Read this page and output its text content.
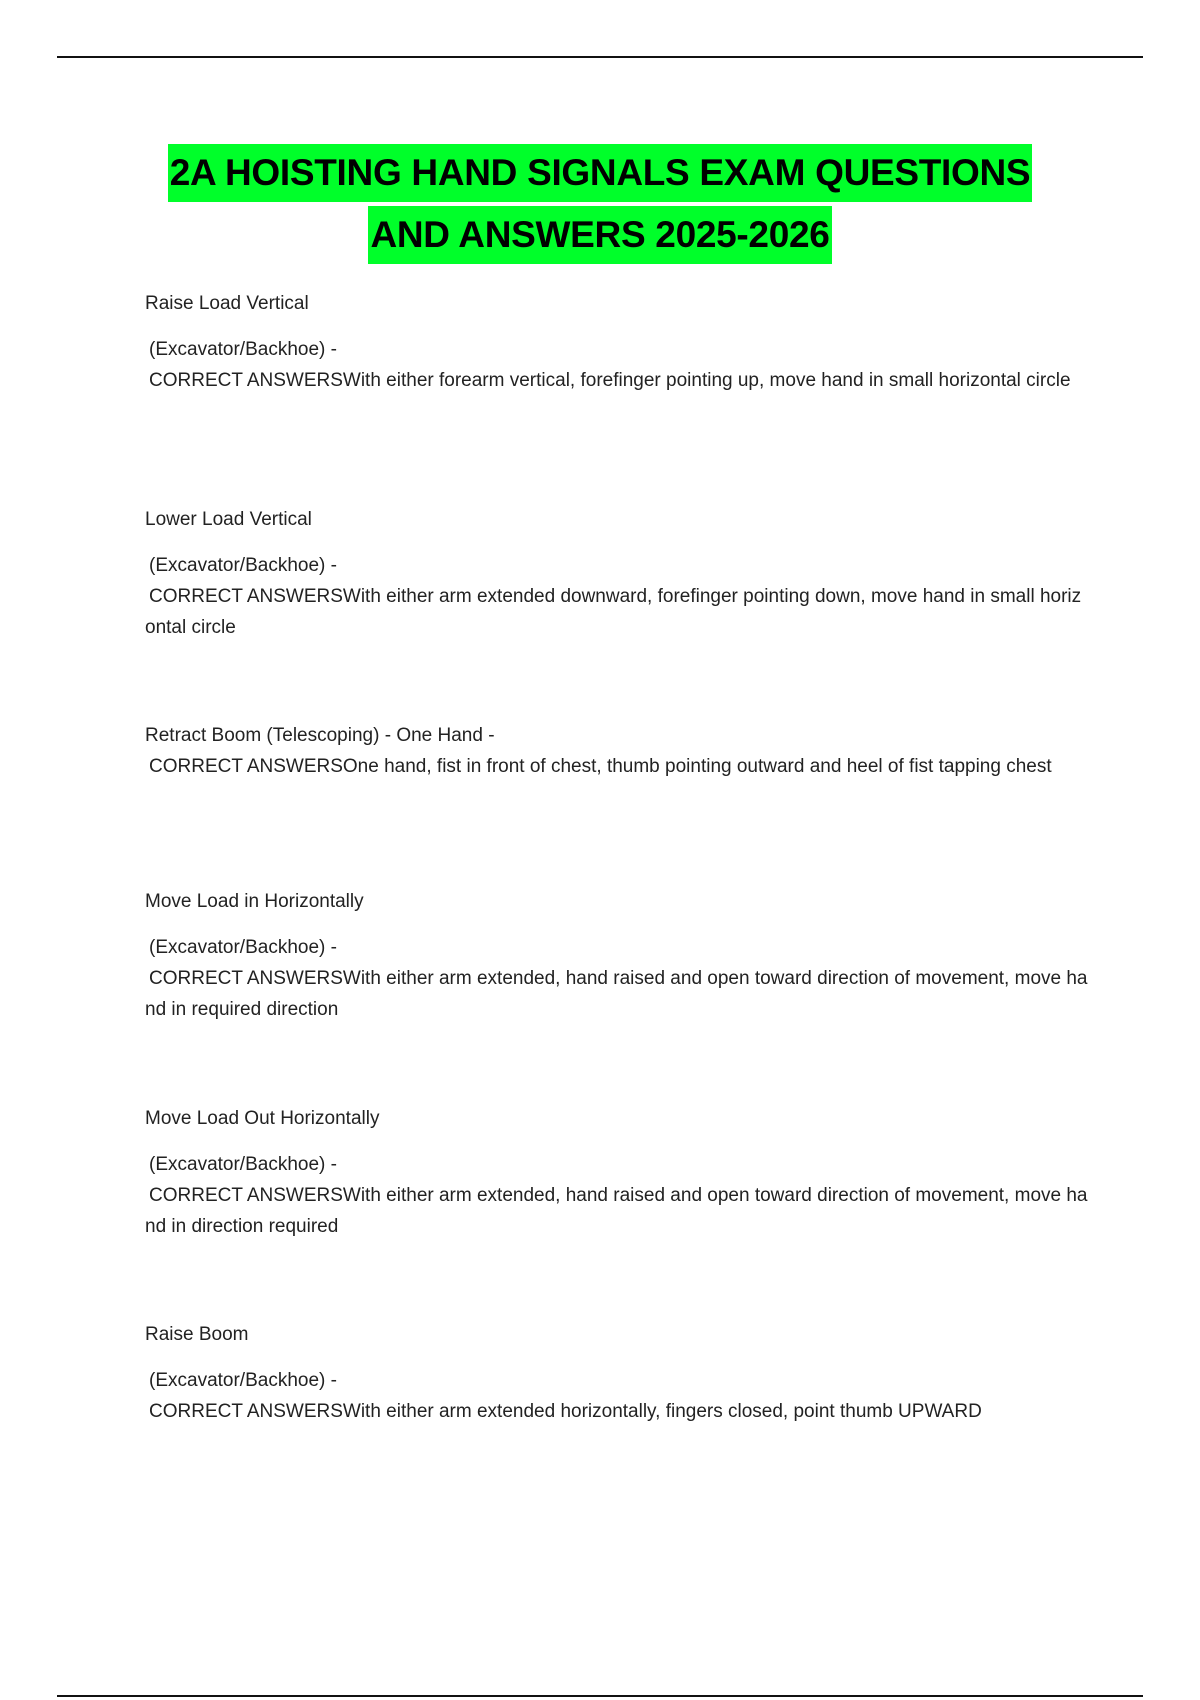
2A HOISTING HAND SIGNALS EXAM QUESTIONS
AND ANSWERS 2025-2026

Raise Load Vertical

(Excavator/Backhoe) -

CORRECT ANSWERSWith either forearm vertical, forefinger pointing up, move hand in small horizontal circle

Lower Load Vertical

(Excavator/Backhoe) -

CORRECT ANSWERSWith either arm extended downward, forefinger pointing down, move hand in small horizontal circle

Retract Boom (Telescoping) - One Hand -

CORRECT ANSWERSOne hand, fist in front of chest, thumb pointing outward and heel of fist tapping chest

Move Load in Horizontally

(Excavator/Backhoe) -

CORRECT ANSWERSWith either arm extended, hand raised and open toward direction of movement, move hand in required direction

Move Load Out Horizontally

(Excavator/Backhoe) -

CORRECT ANSWERSWith either arm extended, hand raised and open toward direction of movement, move hand in direction required

Raise Boom

(Excavator/Backhoe) -

CORRECT ANSWERSWith either arm extended horizontally, fingers closed, point thumb UPWARD
